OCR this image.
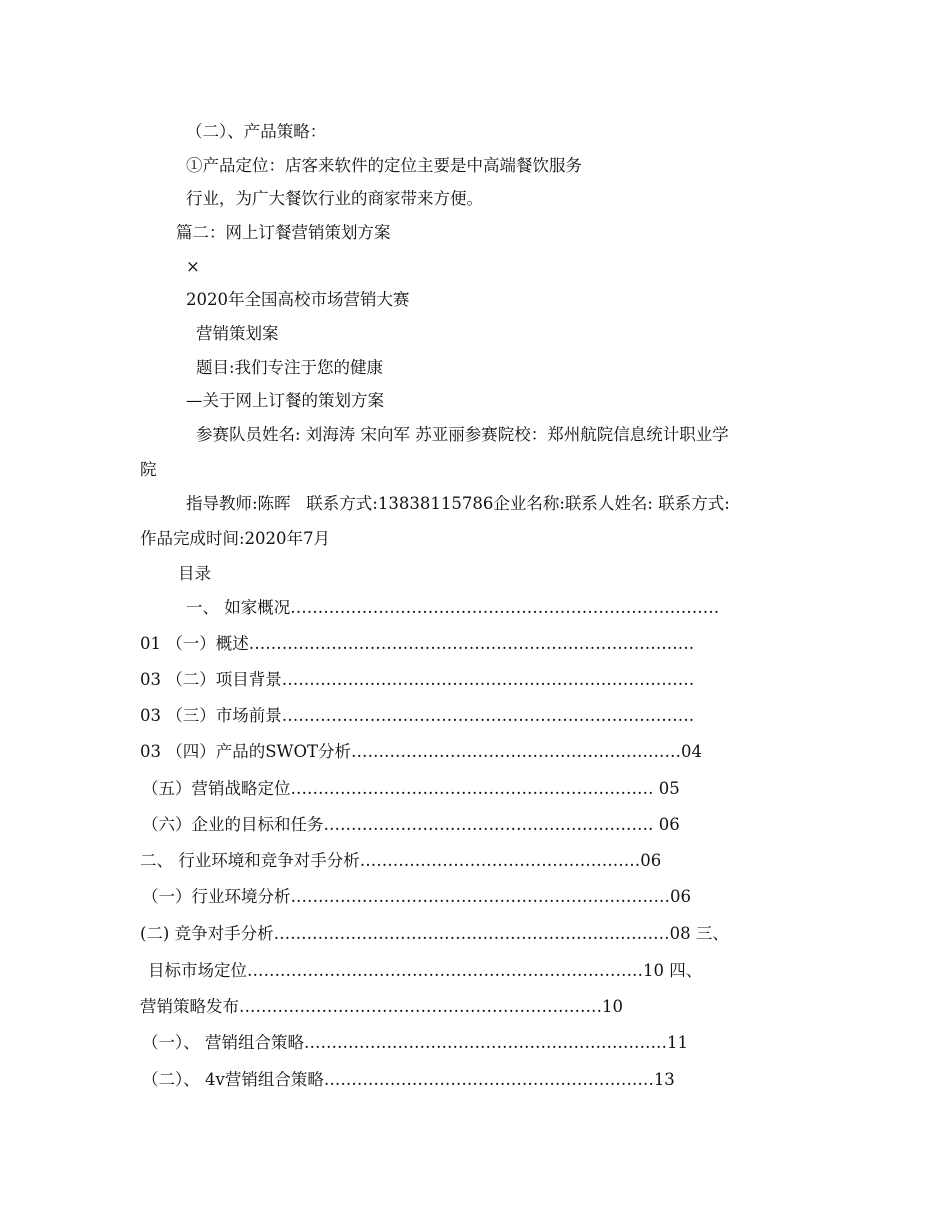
（二）、产品策略：
①产品定位：店客来软件的定位主要是中高端餐饮服务
行业，为广大餐饮行业的商家带来方便。
篇二：网上订餐营销策划方案
×
2020年全国高校市场营销大赛
营销策划案
题目:我们专注于您的健康
—关于网上订餐的策划方案
参赛队员姓名: 刘海涛 宋向军 苏亚丽参赛院校：郑州航院信息统计职业学
院
指导教师:陈晖   联系方式:13838115786企业名称:联系人姓名: 联系方式:
作品完成时间:2020年7月
目录
一、 如家概况……………………………………………………………………
01 （一）概述………………………………………………………………………
03 （二）项目背景…………………………………………………………………
03 （三）市场前景…………………………………………………………………
03 （四）产品的SWOT分析……………………………………………………04
（五）营销战略定位………………………………………………………… 05
（六）企业的目标和任务…………………………………………………… 06
二、 行业环境和竞争对手分析……………………………………………06
（一）行业环境分析……………………………………………………………06
(二) 竞争对手分析………………………………………………………………08 三、
目标市场定位………………………………………………………………10 四、
营销策略发布…………………………………………………………10
（一）、 营销组合策略…………………………………………………………11
（二）、 4v营销组合策略……………………………………………………13
